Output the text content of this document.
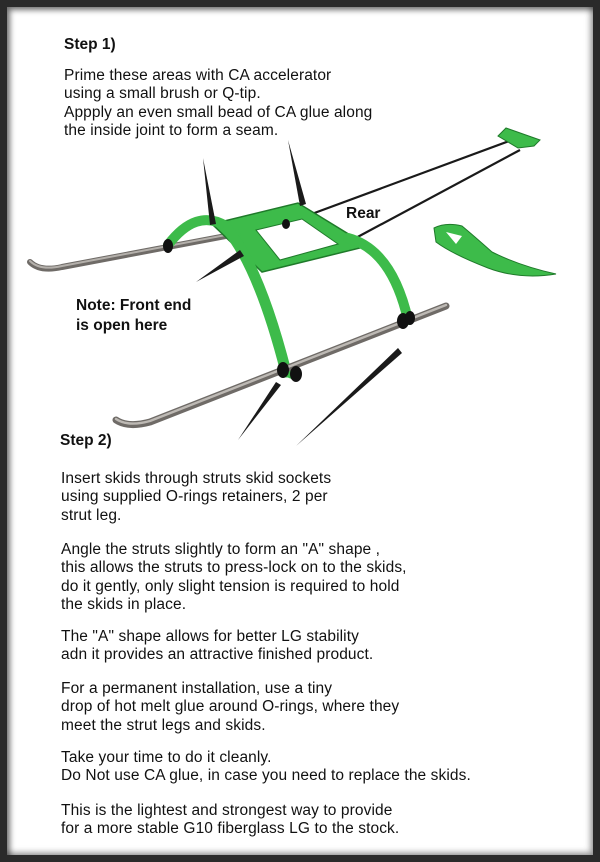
Step 1)
Prime these areas with CA accelerator
using a small brush or Q-tip.
Appply an even small bead of CA glue along
the inside joint to form a seam.
Rear
Note: Front end
is open here
Step 2)
Insert skids through struts skid sockets
using supplied O-rings retainers, 2 per
strut leg.
Angle the struts slightly to form an "A" shape ,
this allows the struts to press-lock on to the skids,
do it gently, only slight tension is required to hold
the skids in place.
The "A" shape allows for better LG stability
adn it provides an attractive finished product.
For a permanent installation, use a tiny
drop of hot melt glue around O-rings, where they
meet the strut legs and skids.
Take your time to do it cleanly.
Do Not use CA glue, in case you need to replace the skids.
This is the lightest and strongest way to provide
for a more stable G10 fiberglass LG to the stock.
